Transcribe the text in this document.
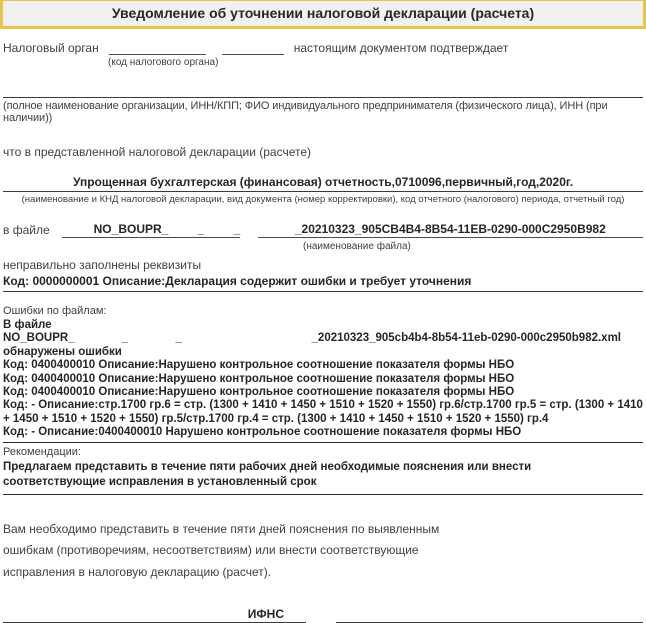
Уведомление об уточнении налоговой декларации (расчета)
Налоговый орган	настоящим документом подтверждает
(код налогового органа)
(полное наименование организации, ИНН/КПП; ФИО индивидуального предпринимателя (физического лица), ИНН (при наличии))
что в представленной налоговой декларации (расчете)
Упрощенная бухгалтерская (финансовая) отчетность,0710096,первичный,год,2020г.
(наименование и КНД налоговой декларации, вид документа (номер корректировки), код отчетного (налогового) периода, отчетный год)
в файле	NO_BOUPR_ _ _	_20210323_905CB4B4-8B54-11EB-0290-000C2950B982
(наименование файла)
неправильно заполнены реквизиты
Код: 0000000001 Описание:Декларация содержит ошибки и требует уточнения
Ошибки по файлам:
В файле
NO_BOUPR_ _ _	_20210323_905cb4b4-8b54-11eb-0290-000c2950b982.xml
обнаружены ошибки
Код: 0400400010 Описание:Нарушено контрольное соотношение показателя формы НБО
Код: 0400400010 Описание:Нарушено контрольное соотношение показателя формы НБО
Код: 0400400010 Описание:Нарушено контрольное соотношение показателя формы НБО
Код: - Описание:стр.1700 гр.6 = стр. (1300 + 1410 + 1450 + 1510 + 1520 + 1550) гр.6/стр.1700 гр.5 = стр. (1300 + 1410 + 1450 + 1510 + 1520 + 1550) гр.5/стр.1700 гр.4 = стр. (1300 + 1410 + 1450 + 1510 + 1520 + 1550) гр.4
Код: - Описание:0400400010 Нарушено контрольное соотношение показателя формы НБО
Рекомендации:
Предлагаем представить в течение пяти рабочих дней необходимые пояснения или внести соответствующие исправления в установленный срок
Вам необходимо представить в течение пяти дней пояснения по выявленным ошибкам (противоречиям, несоответствиям) или внести соответствующие исправления в налоговую декларацию (расчет).
ИФНС
